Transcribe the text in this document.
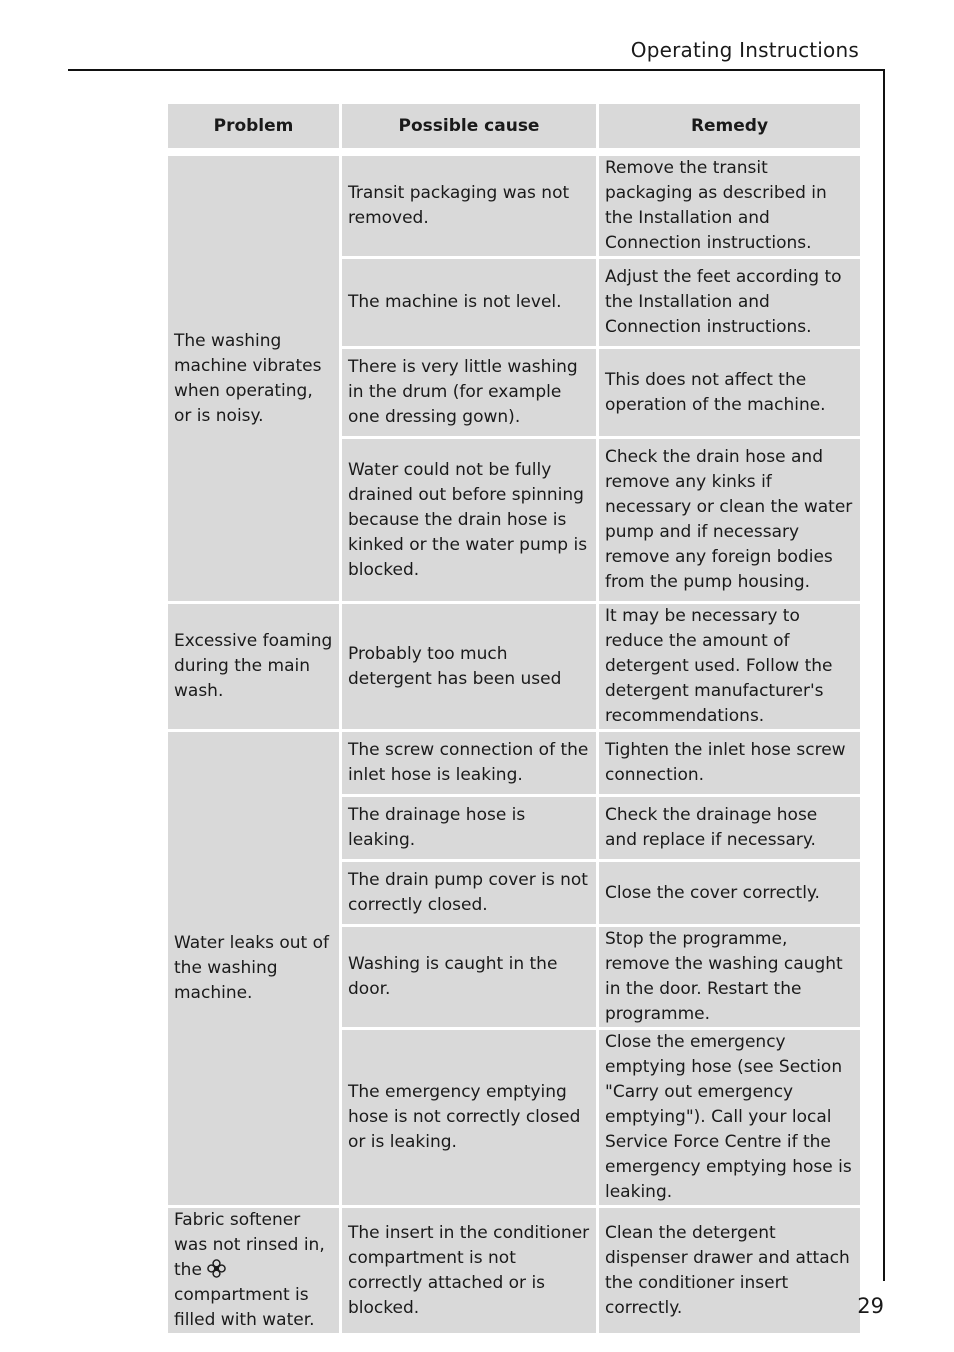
Operating Instructions
Problem	Possible cause	Remedy

The washing machine vibrates when operating, or is noisy.	Transit packaging was not removed.	Remove the transit packaging as described in the Installation and Connection instructions.
	The machine is not level.	Adjust the feet according to the Installation and Connection instructions.
	There is very little washing in the drum (for example one dressing gown).	This does not affect the operation of the machine.
	Water could not be fully drained out before spinning because the drain hose is kinked or the water pump is blocked.	Check the drain hose and remove any kinks if necessary or clean the water pump and if necessary remove any foreign bodies from the pump housing.
Excessive foaming during the main wash.	Probably too much detergent has been used	It may be necessary to reduce the amount of detergent used. Follow the detergent manufacturer's recommendations.
Water leaks out of the washing machine.	The screw connection of the inlet hose is leaking.	Tighten the inlet hose screw connection.
	The drainage hose is leaking.	Check the drainage hose and replace if necessary.
	The drain pump cover is not correctly closed.	Close the cover correctly.
	Washing is caught in the door.	Stop the programme, remove the washing caught in the door. Restart the programme.
	The emergency emptying hose is not correctly closed or is leaking.	Close the emergency emptying hose (see Section "Carry out emergency emptying"). Call your local Service Force Centre if the emergency emptying hose is leaking.
Fabric softener was not rinsed in, the  compartment is filled with water.	The insert in the conditioner compartment is not correctly attached or is blocked.	Clean the detergent dispenser drawer and attach the conditioner insert correctly.	29
